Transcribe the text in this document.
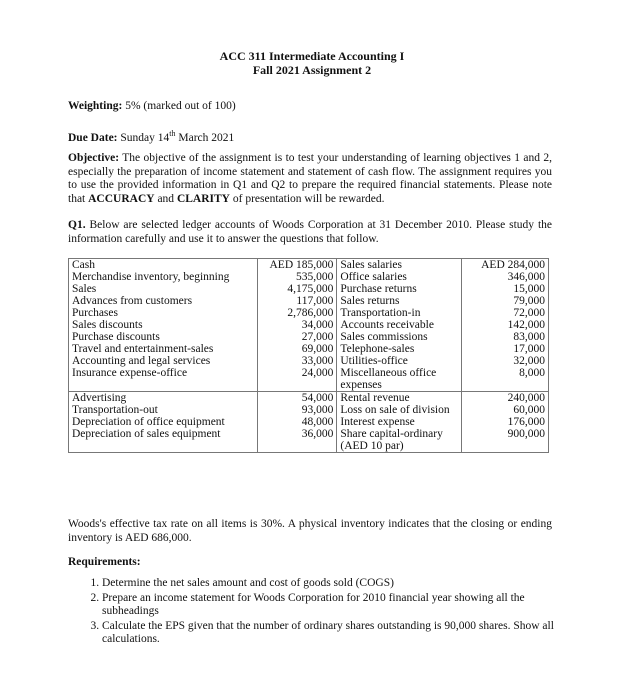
ACC 311 Intermediate Accounting I
Fall 2021 Assignment 2
Weighting: 5% (marked out of 100)
Due Date: Sunday 14th March 2021
Objective: The objective of the assignment is to test your understanding of learning objectives 1 and 2, especially the preparation of income statement and statement of cash flow. The assignment requires you to use the provided information in Q1 and Q2 to prepare the required financial statements. Please note that ACCURACY and CLARITY of presentation will be rewarded.
Q1. Below are selected ledger accounts of Woods Corporation at 31 December 2010. Please study the information carefully and use it to answer the questions that follow.
Cash	AED 185,000	Sales salaries	AED 284,000
Merchandise inventory, beginning	535,000	Office salaries	346,000
Sales	4,175,000	Purchase returns	15,000
Advances from customers	117,000	Sales returns	79,000
Purchases	2,786,000	Transportation-in	72,000
Sales discounts	34,000	Accounts receivable	142,000
Purchase discounts	27,000	Sales commissions	83,000
Travel and entertainment-sales	69,000	Telephone-sales	17,000
Accounting and legal services	33,000	Utilities-office	32,000
Insurance expense-office	24,000	Miscellaneous office expenses	8,000
Advertising	54,000	Rental revenue	240,000
Transportation-out	93,000	Loss on sale of division	60,000
Depreciation of office equipment	48,000	Interest expense	176,000
Depreciation of sales equipment	36,000	Share capital-ordinary (AED 10 par)	900,000
Woods's effective tax rate on all items is 30%. A physical inventory indicates that the closing or ending inventory is AED 686,000.
Requirements:
1. Determine the net sales amount and cost of goods sold (COGS)
2. Prepare an income statement for Woods Corporation for 2010 financial year showing all the subheadings
3. Calculate the EPS given that the number of ordinary shares outstanding is 90,000 shares. Show all calculations.
